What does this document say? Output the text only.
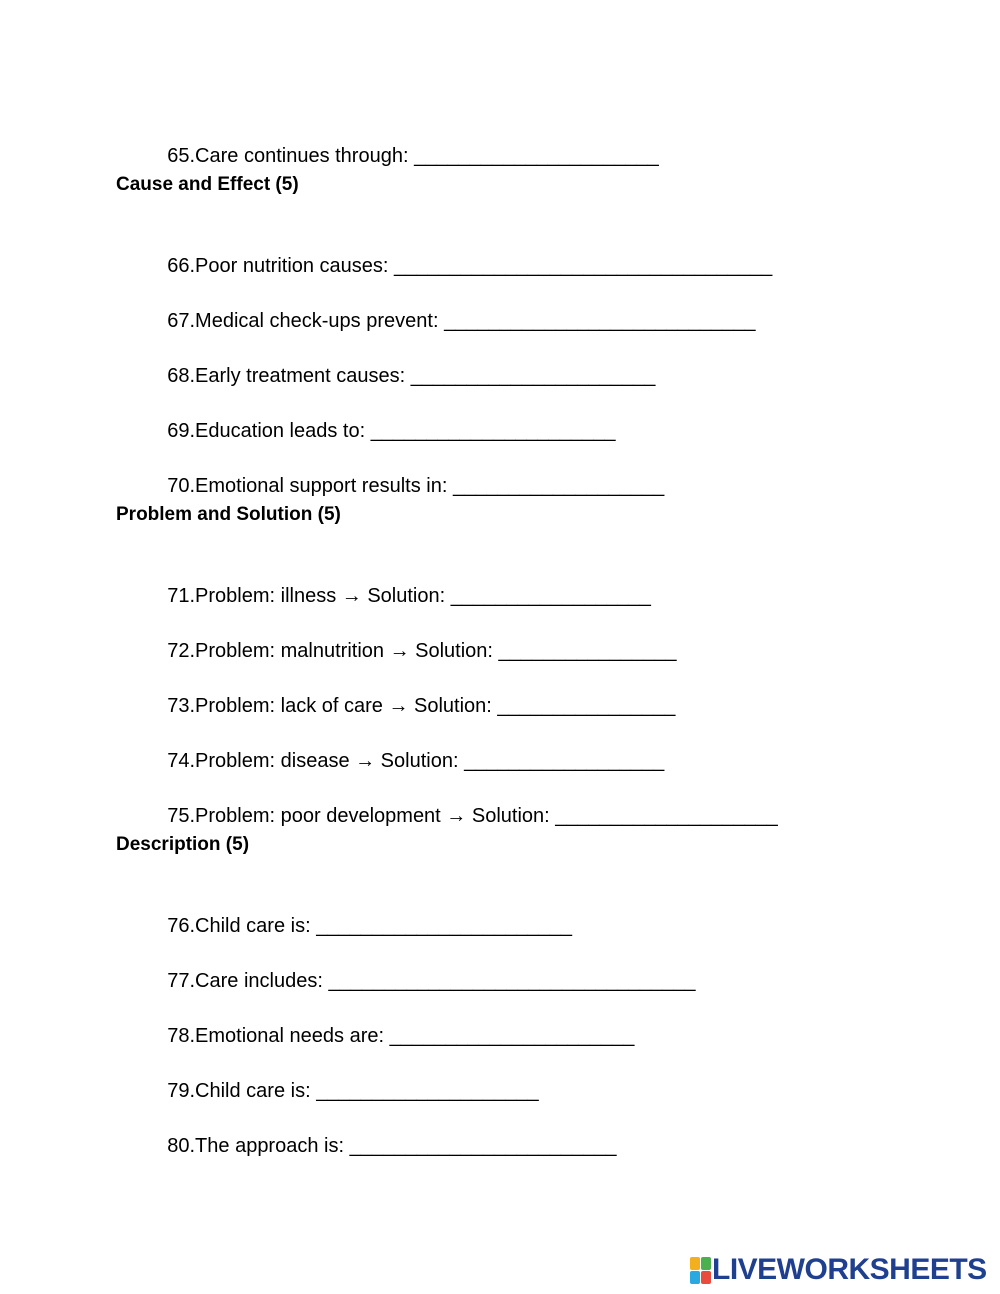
65.Care continues through: ______________________

Cause and Effect (5)

66.Poor nutrition causes: __________________________________

67.Medical check-ups prevent: ____________________________

68.Early treatment causes: ______________________

69.Education leads to: ______________________

70.Emotional support results in: ___________________

Problem and Solution (5)

71.Problem: illness → Solution: __________________

72.Problem: malnutrition → Solution: ________________

73.Problem: lack of care → Solution: ________________

74.Problem: disease → Solution: __________________

75.Problem: poor development → Solution: ____________________

Description (5)

76.Child care is: _______________________

77.Care includes: _________________________________

78.Emotional needs are: ______________________

79.Child care is: ____________________

80.The approach is: ________________________

LIVEWORKSHEETS
